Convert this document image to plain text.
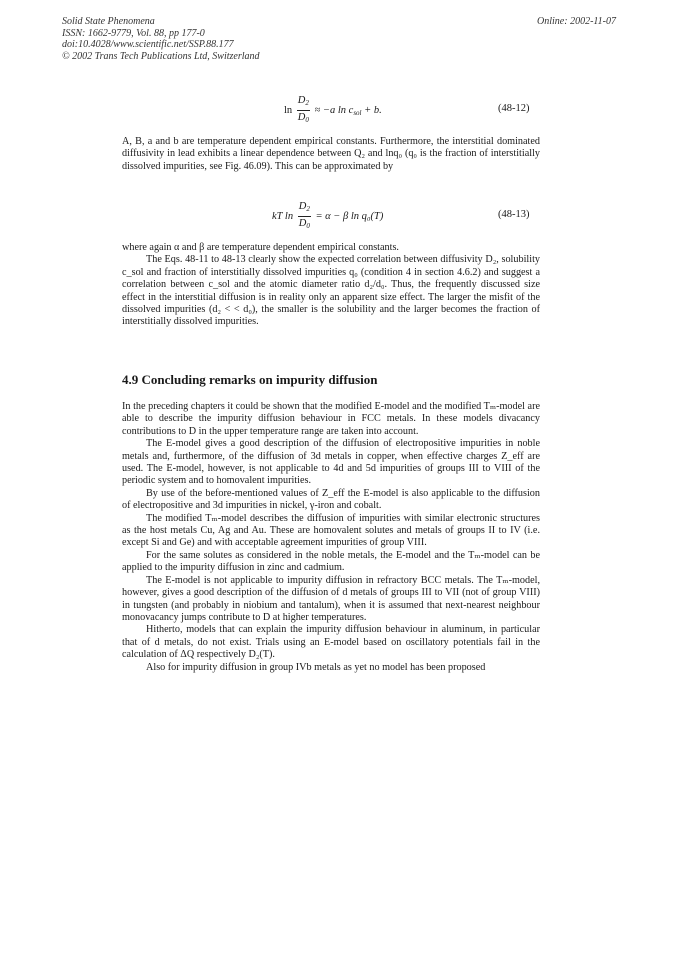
Solid State Phenomena
ISSN: 1662-9779, Vol. 88, pp 177-0
doi:10.4028/www.scientific.net/SSP.88.177
© 2002 Trans Tech Publications Ltd, Switzerland
Online: 2002-11-07
$\ln \frac{D_2}{D_0} \approx -a$ $\ln c_{sol} + b$.	(48-12)

A, B, a and b are temperature dependent empirical constants. Furthermore, the interstitial dominated diffusivity in lead exhibits a linear dependence between Q₂ and lnq₀ (q₀ is the fraction of interstitially dissolved impurities, see Fig. 46.09). This can be approximated by

kT $\ln \frac{D_2}{D_0} = \alpha - \beta$ ln q₀(T)	(48-13)

where again α and β are temperature dependent empirical constants.

The Eqs. 48-11 to 48-13 clearly show the expected correlation between diffusivity D₂, solubility c_sol and fraction of interstitially dissolved impurities q₀ (condition 4 in section 4.6.2) and suggest a correlation between c_sol and the atomic diameter ratio d₂/d₀. Thus, the frequently discussed size effect in the interstitial diffusion is in reality only an apparent size effect. The larger the misfit of the dissolved impurities (d₂ < < d₀), the smaller is the solubility and the larger becomes the fraction of interstitially dissolved impurities.

4.9 Concluding remarks on impurity diffusion

In the preceding chapters it could be shown that the modified E-model and the modified Tₘ-model are able to describe the impurity diffusion behaviour in FCC metals. In these models divacancy contributions to D in the upper temperature range are taken into account.

The E-model gives a good description of the diffusion of electropositive impurities in noble metals and, furthermore, of the diffusion of 3d metals in copper, when effective charges Z_eff are used. The E-model, however, is not applicable to 4d and 5d impurities of groups III to VIII of the periodic system and to homovalent impurities.

By use of the before-mentioned values of Z_eff the E-model is also applicable to the diffusion of electropositive and 3d impurities in nickel, γ-iron and cobalt.

The modified Tₘ-model describes the diffusion of impurities with similar electronic structures as the host metals Cu, Ag and Au. These are homovalent solutes and metals of groups II to IV (i.e. except Si and Ge) and with acceptable agreement impurities of group VIII.

For the same solutes as considered in the noble metals, the E-model and the Tₘ-model can be applied to the impurity diffusion in zinc and cadmium.

The E-model is not applicable to impurity diffusion in refractory BCC metals. The Tₘ-model, however, gives a good description of the diffusion of d metals of groups III to VII (not of group VIII) in tungsten (and probably in niobium and tantalum), when it is assumed that next-nearest neighbour monovacancy jumps contribute to D at higher temperatures.

Hitherto, models that can explain the impurity diffusion behaviour in aluminum, in particular that of d metals, do not exist. Trials using an E-model based on oscillatory potentials fail in the calculation of ΔQ respectively D₂(T).

Also for impurity diffusion in group IVb metals as yet no model has been proposed
